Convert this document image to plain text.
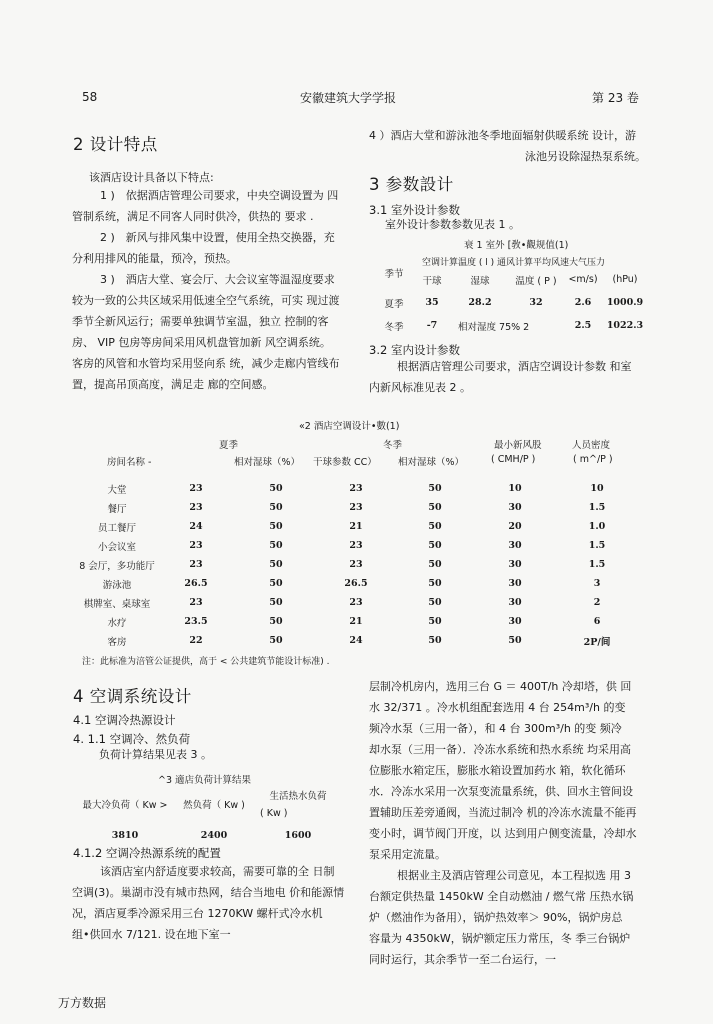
58	安徽建筑大学学报	第 23 卷
2 设计特点
该酒店设计具备以下特点:
1 )　依据酒店管理公司要求，中央空调设置为 四
管制系统，满足不同客人同时供冷，供热的 要求 .
2 )　新风与排风集中设置，使用全热交换器，充
分利用排风的能量，预冷，预热。
3 )　酒店大堂、宴会厅、大会议室等温湿度要求
较为一致的公共区域采用低速全空气系统，可实 现过渡
季节全新风运行；需要单独调节室温，独立 控制的客
房、 VIP 包房等房间采用风机盘管加新 风空调系统。
客房的风管和水管均采用竖向系 统，减少走廊内管线布
置，提高吊顶高度，满足走 廊的空间感。
4 ）酒店大堂和游泳池冬季地面辐射供暖系统 设计，游
泳池另设除湿热泵系统。
3 参数設计
3.1 室外设计参数
室外设计参数参数见表 1 。
衰 1 室外 [敎•觀规值(1)
季节	空调计算温度 ( l ) 通风计算平均风速大气压力				
	干球	湿球	温度 ( P )	<m/s)	(hPu)
夏季	35	28.2	32	2.6	1000.9
冬季	-7	相对湿度 75% 2		2.5	1022.3
3.2 室内设计参数
根据酒店管理公司要求，酒店空调设计参数 和室
内新风标准见表 2 。
«2 酒店空调设计•數(1)
夏季	冬季	最小新风股	人员密度
房间名称 -	相对湿球（%） 干球参数 CC） 相对湿球（%）	( CMH/P )	( m^/P )
大堂	23	50	23	50	10	10
餐厅	23	50	23	50	30	1.5
员工餐厅	24	50	21	50	20	1.0
小会议室	23	50	23	50	30	1.5
8 会厅，多功能厅	23	50	23	50	30	1.5
游泳池	26.5	50	26.5	50	30	3
棋牌室、桌球室	23	50	23	50	30	2
水疗	23.5	50	21	50	30	6
客房	22	50	24	50	50	2P/间
注：此标准为涪管公证提供，高于 < 公共建筑节能设计标准) .
4 空调系统设计
4.1 空调冷热源设计
4. 1.1 空调冷、然负荷
负荷计算结果见表 3 。
^3 適店负荷计算结果
最大冷负荷（ Kw >	然负荷（ Kw )	生活热水负荷
		( Kw )
3810	2400	1600
4.1.2 空调冷热源系统的配置
该酒店室内舒适度要求较高，需要可靠的全 日制
空调(3)。巢湖市没有城市热网，结合当地电 价和能源情
况，酒店夏季冷源采用三台 1270KW 螺杆式冷水机
组•供回水 7/121. 设在地下室一
层制冷机房内，选用三台 G ＝ 400T/h 冷却塔，供 回
水 32/371 。冷水机组配套选用 4 台 254m³/h 的变
频冷水泵（三用一备），和 4 台 300m³/h 的变 频冷
却水泵（三用一备）．冷冻水系统和热水系统 均采用高
位膨胀水箱定压，膨胀水箱设置加药水 箱，软化循环
水．冷冻水采用一次泵变流量系统，供、回水主管间设
置辅助压差旁通阀，当流过制冷 机的冷冻水流量不能再
变小时，调节阀门开度，以 达到用户侧变流量，冷却水
泵采用定流量。
根据业主及酒店管理公司意见，本工程拟选 用 3
台额定供热量 1450kW 全自动燃油 / 燃气常 压热水锅
炉（燃油作为备用），锅炉热效率＞ 90%，锅炉房总
容量为 4350kW，锅炉额定压力常压，冬 季三台锅炉
同时运行，其余季节一至二台运行，一
万方数据
